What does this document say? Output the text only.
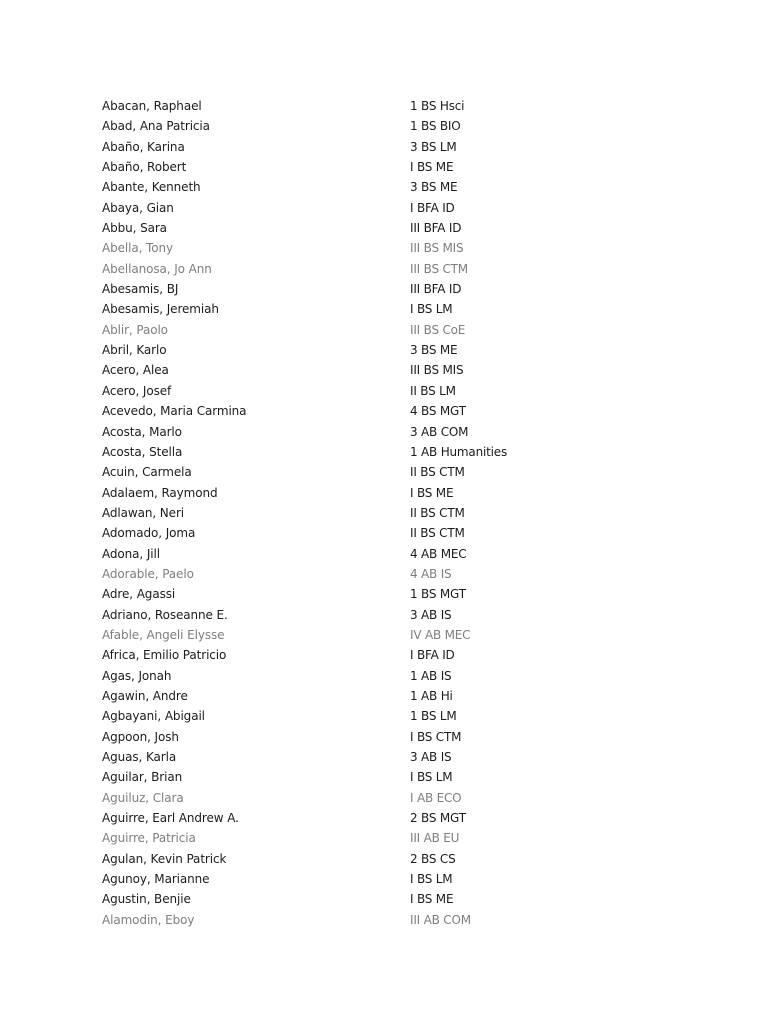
Abacan, Raphael	1 BS Hsci
Abad, Ana Patricia	1 BS BIO
Abaño, Karina	3 BS LM
Abaño, Robert	I BS ME
Abante, Kenneth	3 BS ME
Abaya, Gian	I BFA ID
Abbu, Sara	III BFA ID
Abella, Tony	III BS MIS
Abellanosa, Jo Ann	III BS CTM
Abesamis, BJ	III BFA ID
Abesamis, Jeremiah	I BS LM
Ablir, Paolo	III BS CoE
Abril, Karlo	3 BS ME
Acero, Alea	III BS MIS
Acero, Josef	II BS LM
Acevedo, Maria Carmina	4 BS MGT
Acosta, Marlo	3 AB COM
Acosta, Stella	1 AB Humanities
Acuin, Carmela	II BS CTM
Adalaem, Raymond	I BS ME
Adlawan, Neri	II BS CTM
Adomado, Joma	II BS CTM
Adona, Jill	4 AB MEC
Adorable, Paelo	4 AB IS
Adre, Agassi	1 BS MGT
Adriano, Roseanne E.	3 AB IS
Afable, Angeli Elysse	IV AB MEC
Africa, Emilio Patricio	I BFA ID
Agas, Jonah	1 AB IS
Agawin, Andre	1 AB Hi
Agbayani, Abigail	1 BS LM
Agpoon, Josh	I BS CTM
Aguas, Karla	3 AB IS
Aguilar, Brian	I BS LM
Aguiluz, Clara	I AB ECO
Aguirre, Earl Andrew A.	2 BS MGT
Aguirre, Patricia	III AB EU
Agulan, Kevin Patrick	2 BS CS
Agunoy, Marianne	I BS LM
Agustin, Benjie	I BS ME
Alamodin, Eboy	III AB COM
